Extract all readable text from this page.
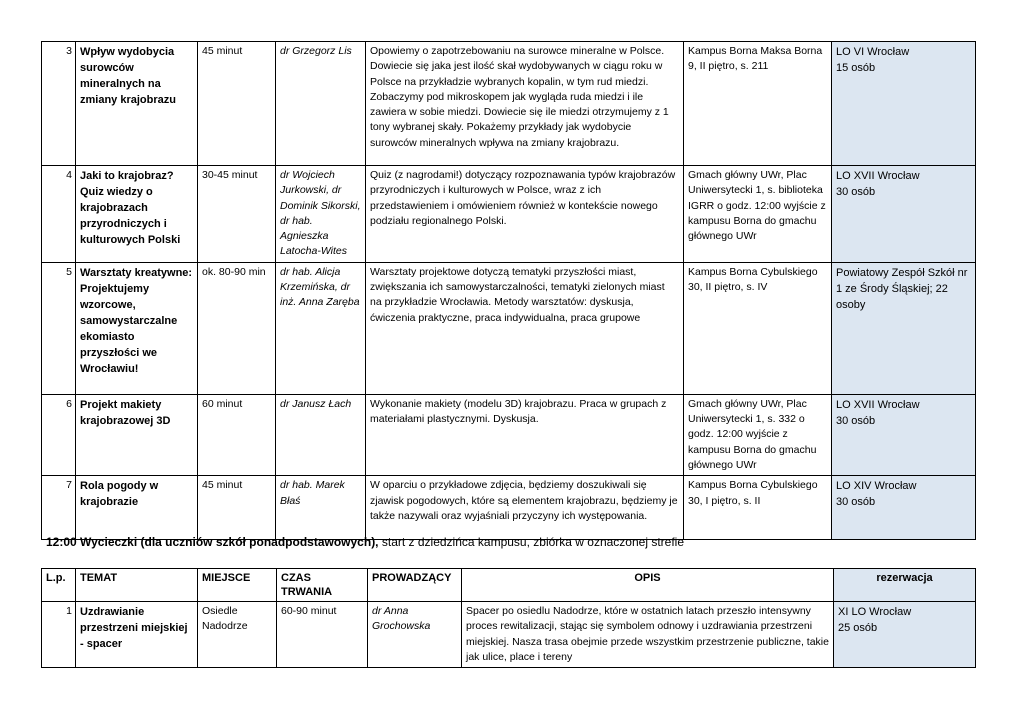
3	Wpływ wydobycia surowców mineralnych na zmiany krajobrazu	45 minut	dr Grzegorz Lis	Opowiemy o zapotrzebowaniu na surowce mineralne w Polsce. Dowiecie się jaka jest ilość skał wydobywanych w ciągu roku w Polsce na przykładzie wybranych kopalin, w tym rud miedzi. Zobaczymy pod mikroskopem jak wygląda ruda miedzi i ile zawiera w sobie miedzi. Dowiecie się ile miedzi otrzymujemy z 1 tony wybranej skały. Pokażemy przykłady jak wydobycie surowców mineralnych wpływa na zmiany krajobrazu.	Kampus Borna Maksa Borna 9, II piętro, s. 211	LO VI Wrocław
15 osób

4	Jaki to krajobraz? Quiz wiedzy o krajobrazach przyrodniczych i kulturowych Polski	30-45 minut	dr Wojciech Jurkowski, dr Dominik Sikorski, dr hab. Agnieszka Latocha-Wites	Quiz (z nagrodami!) dotyczący rozpoznawania typów krajobrazów przyrodniczych i kulturowych w Polsce, wraz z ich przedstawieniem i omówieniem również w kontekście nowego podziału regionalnego Polski.	Gmach główny UWr, Plac Uniwersytecki 1, s. biblioteka IGRR o godz. 12:00 wyjście z kampusu Borna do gmachu głównego UWr	LO XVII Wrocław
30 osób

5	Warsztaty kreatywne: Projektujemy wzorcowe, samowystarczalne ekomiasto przyszłości we Wrocławiu!	ok. 80-90 min	dr hab. Alicja Krzemińska, dr inż. Anna Zaręba	Warsztaty projektowe dotyczą tematyki przyszłości miast, zwiększania ich samowystarczalności, tematyki zielonych miast na przykładzie Wrocławia. Metody warsztatów: dyskusja, ćwiczenia praktyczne, praca indywidualna, praca grupowe	Kampus Borna Cybulskiego 30, II piętro, s. IV	Powiatowy Zespół Szkół nr 1 ze Środy Śląskiej; 22 osoby

6	Projekt makiety krajobrazowej 3D	60 minut	dr Janusz Łach	Wykonanie makiety (modelu 3D) krajobrazu. Praca w grupach z materiałami plastycznymi. Dyskusja.	Gmach główny UWr, Plac Uniwersytecki 1, s. 332 o godz. 12:00 wyjście z kampusu Borna do gmachu głównego UWr	LO XVII Wrocław
30 osób

7	Rola pogody w krajobrazie	45 minut	dr hab. Marek Błaś	W oparciu o przykładowe zdjęcia, będziemy doszukiwali się zjawisk pogodowych, które są elementem krajobrazu, będziemy je także nazywali oraz wyjaśniali przyczyny ich występowania.	Kampus Borna Cybulskiego 30, I piętro, s. II	LO XIV Wrocław
30 osób
12:00 Wycieczki (dla uczniów szkół ponadpodstawowych), start z dziedzińca kampusu, zbiórka w oznaczonej strefie
L.p.	TEMAT	MIEJSCE	CZAS TRWANIA	PROWADZĄCY	OPIS	rezerwacja
1	Uzdrawianie przestrzeni miejskiej - spacer	Osiedle Nadodrze	60-90 minut	dr Anna Grochowska	Spacer po osiedlu Nadodrze, które w ostatnich latach przeszło intensywny proces rewitalizacji, stając się symbolem odnowy i uzdrawiania przestrzeni miejskiej. Nasza trasa obejmie przede wszystkim przestrzenie publiczne, takie jak ulice, place i tereny	XI LO Wrocław
25 osób
